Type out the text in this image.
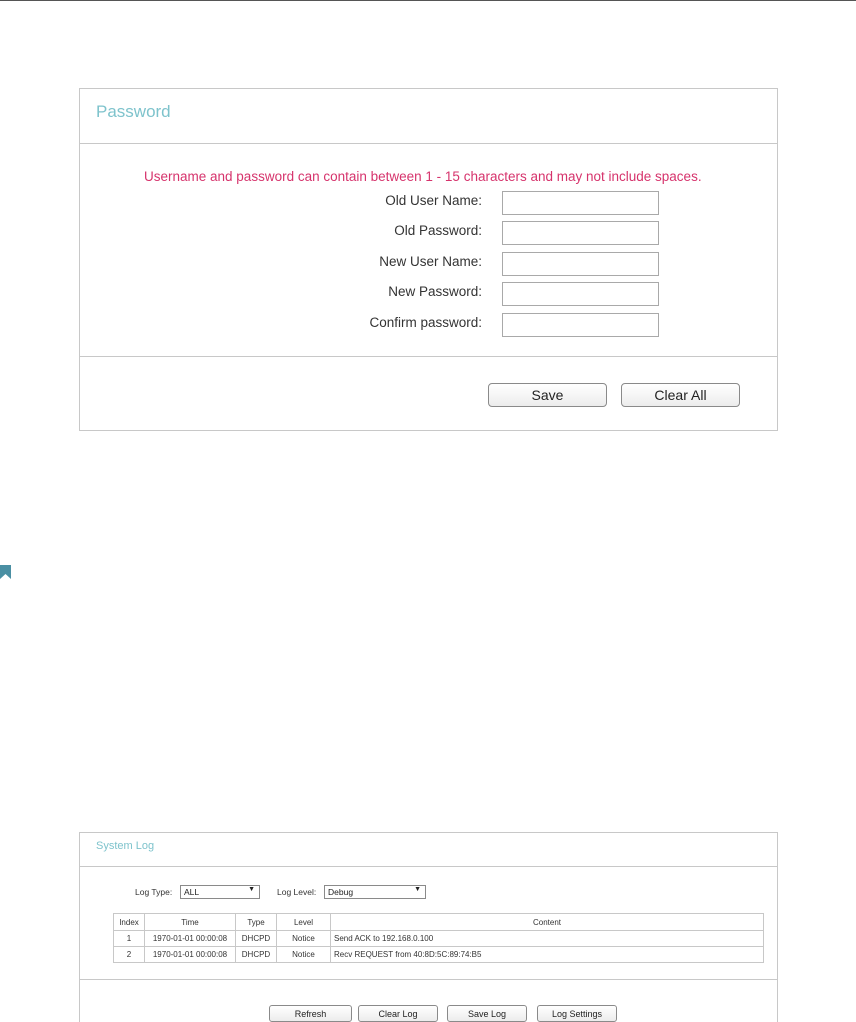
Password
Username and password can contain between 1 - 15 characters and may not include spaces.
Old User Name:
Old Password:
New User Name:
New Password:
Confirm password:
Save	Clear All
System Log
Log Type:	ALL	▼	Log Level:	Debug	▼
Index	Time	Type	Level	Content
1	1970-01-01 00:00:08	DHCPD	Notice	Send ACK to 192.168.0.100
2	1970-01-01 00:00:08	DHCPD	Notice	Recv REQUEST from 40:8D:5C:89:74:B5
Refresh	Clear Log	Save Log	Log Settings
